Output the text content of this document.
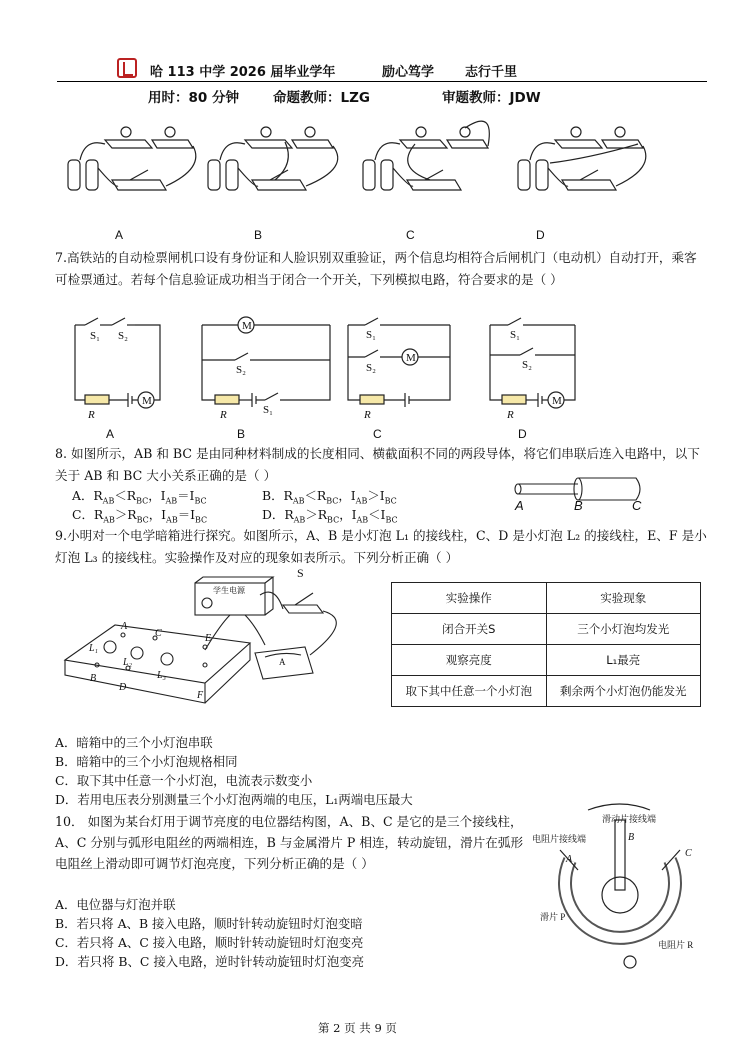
哈 113 中学 2026 届毕业学年	励心笃学 志行千里
用时：80 分钟	命题教师：LZG	审题教师：JDW
A	B	C	D
7.高铁站的自动检票闸机口设有身份证和人脸识别双重验证，两个信息均相符合后闸机门（电动机）自动打开，乘客可检票通过。若每个信息验证成功相当于闭合一个开关，下列模拟电路，符合要求的是（ ）
S₁ S₂
R
M
M
S₂
R	S₁
S₁
S₂
M
R
S₁
S₂
M
R
A	B	C	D
8. 如图所示，AB 和 BC 是由同种材料制成的长度相同、横截面积不同的两段导体，将它们串联后连入电路中，以下关于 AB 和 BC 大小关系正确的是（ ）
A．$R_{AB}<R_{BC}$，$I_{AB}=I_{BC}$	B．$R_{AB}<R_{BC}$，$I_{AB}>I_{BC}$
C．$R_{AB}>R_{BC}$，$I_{AB}=I_{BC}$	D．$R_{AB}>R_{BC}$，$I_{AB}<I_{BC}$
A	B	C
9.小明对一个电学暗箱进行探究。如图所示，A、B 是小灯泡 L₁ 的接线柱，C、D 是小灯泡 L₂ 的接线柱，E、F 是小灯泡 L₃ 的接线柱。实验操作及对应的现象如表所示。下列分析正确（ ）
A
C	E
B
D
F
L₁
L₂
L₃
S
A
学生电源
实验操作	实验现象
闭合开关S	三个小灯泡均发光
观察亮度	L₁最亮
取下其中任意一个小灯泡	剩余两个小灯泡仍能发光
A．暗箱中的三个小灯泡串联
B．暗箱中的三个小灯泡规格相同
C．取下其中任意一个小灯泡，电流表示数变小
D．若用电压表分别测量三个小灯泡两端的电压，L₁两端电压最大
10． 如图为某台灯用于调节亮度的电位器结构图，A、B、C 是它的是三个接线柱，A、C 分别与弧形电阻丝的两端相连，B 与金属滑片 P 相连，转动旋钮，滑片在弧形电阻丝上滑动即可调节灯泡亮度，下列分析正确的是（ ）
A．电位器与灯泡并联
B．若只将 A、B 接入电路，顺时针转动旋钮时灯泡变暗
C．若只将 A、C 接入电路，顺时针转动旋钮时灯泡变亮
D．若只将 B、C 接入电路，逆时针转动旋钮时灯泡变亮
滑动片接线端
电阻片接线端
滑片 P
电阻片 R
A
B
C
第 2 页 共 9 页
